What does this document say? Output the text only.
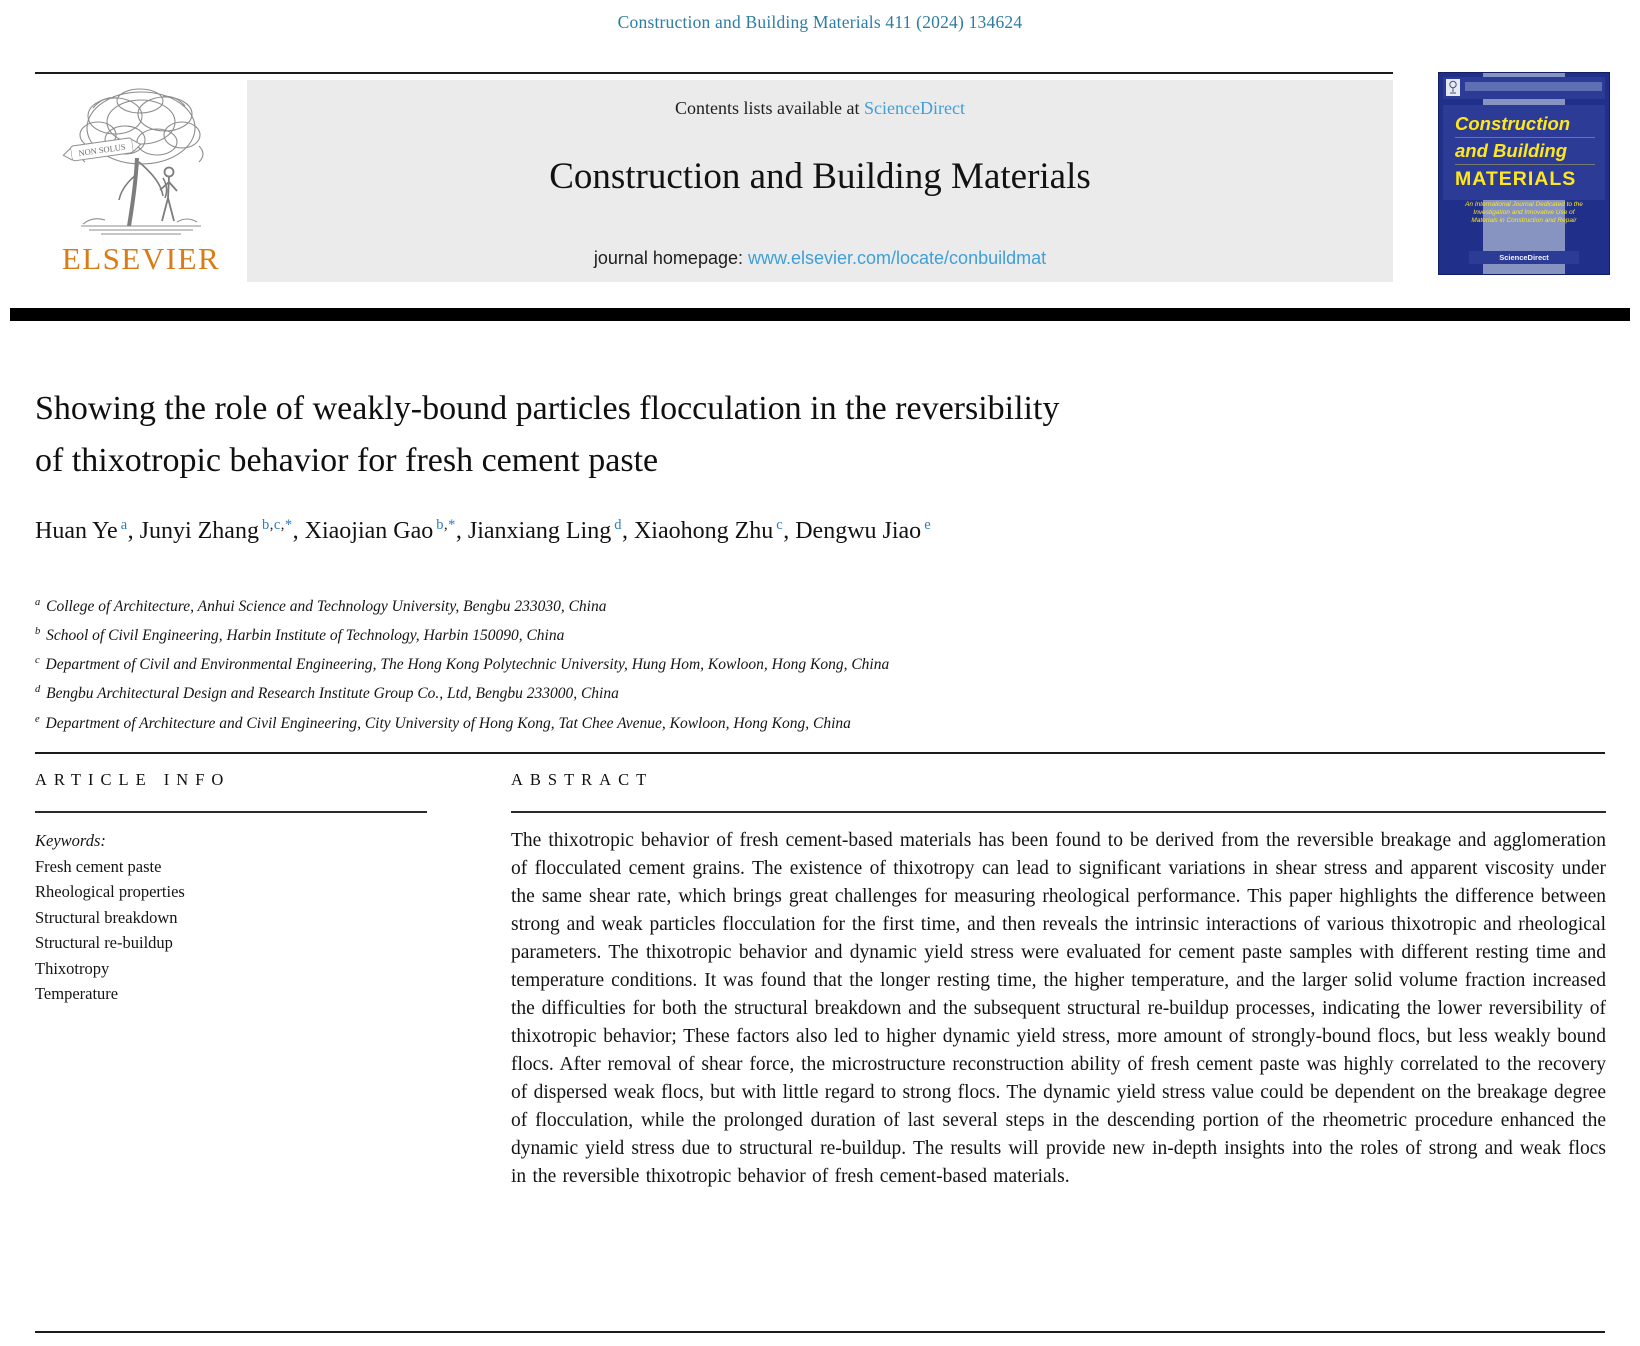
Construction and Building Materials 411 (2024) 134624
NON SOLUS
ELSEVIER
Contents lists available at ScienceDirect
Construction and Building Materials
journal homepage: www.elsevier.com/locate/conbuildmat
Construction
and Building
MATERIALS
An International Journal Dedicated to the Investigation and Innovative Use of Materials in Construction and Repair
ScienceDirect
Showing the role of weakly-bound particles flocculation in the reversibility
of thixotropic behavior for fresh cement paste
Huan Ye $^a$, Junyi Zhang $^{b,c,*}$, Xiaojian Gao $^{b,*}$, Jianxiang Ling $^d$, Xiaohong Zhu $^c$, Dengwu Jiao $^e$
$^a$ College of Architecture, Anhui Science and Technology University, Bengbu 233030, China
$^b$ School of Civil Engineering, Harbin Institute of Technology, Harbin 150090, China
$^c$ Department of Civil and Environmental Engineering, The Hong Kong Polytechnic University, Hung Hom, Kowloon, Hong Kong, China
$^d$ Bengbu Architectural Design and Research Institute Group Co., Ltd, Bengbu 233000, China
$^e$ Department of Architecture and Civil Engineering, City University of Hong Kong, Tat Chee Avenue, Kowloon, Hong Kong, China
ARTICLE INFO
Keywords:
Fresh cement paste
Rheological properties
Structural breakdown
Structural re-buildup
Thixotropy
Temperature
ABSTRACT
The thixotropic behavior of fresh cement-based materials has been found to be derived from the reversible breakage and agglomeration of flocculated cement grains. The existence of thixotropy can lead to significant variations in shear stress and apparent viscosity under the same shear rate, which brings great challenges for measuring rheological performance. This paper highlights the difference between strong and weak particles flocculation for the first time, and then reveals the intrinsic interactions of various thixotropic and rheological parameters. The thixotropic behavior and dynamic yield stress were evaluated for cement paste samples with different resting time and temperature conditions. It was found that the longer resting time, the higher temperature, and the larger solid volume fraction increased the difficulties for both the structural breakdown and the subsequent structural re-buildup processes, indicating the lower reversibility of thixotropic behavior; These factors also led to higher dynamic yield stress, more amount of strongly-bound flocs, but less weakly bound flocs. After removal of shear force, the microstructure reconstruction ability of fresh cement paste was highly correlated to the recovery of dispersed weak flocs, but with little regard to strong flocs. The dynamic yield stress value could be dependent on the breakage degree of flocculation, while the prolonged duration of last several steps in the descending portion of the rheometric procedure enhanced the dynamic yield stress due to structural re-buildup. The results will provide new in-depth insights into the roles of strong and weak flocs in the reversible thixotropic behavior of fresh cement-based materials.
